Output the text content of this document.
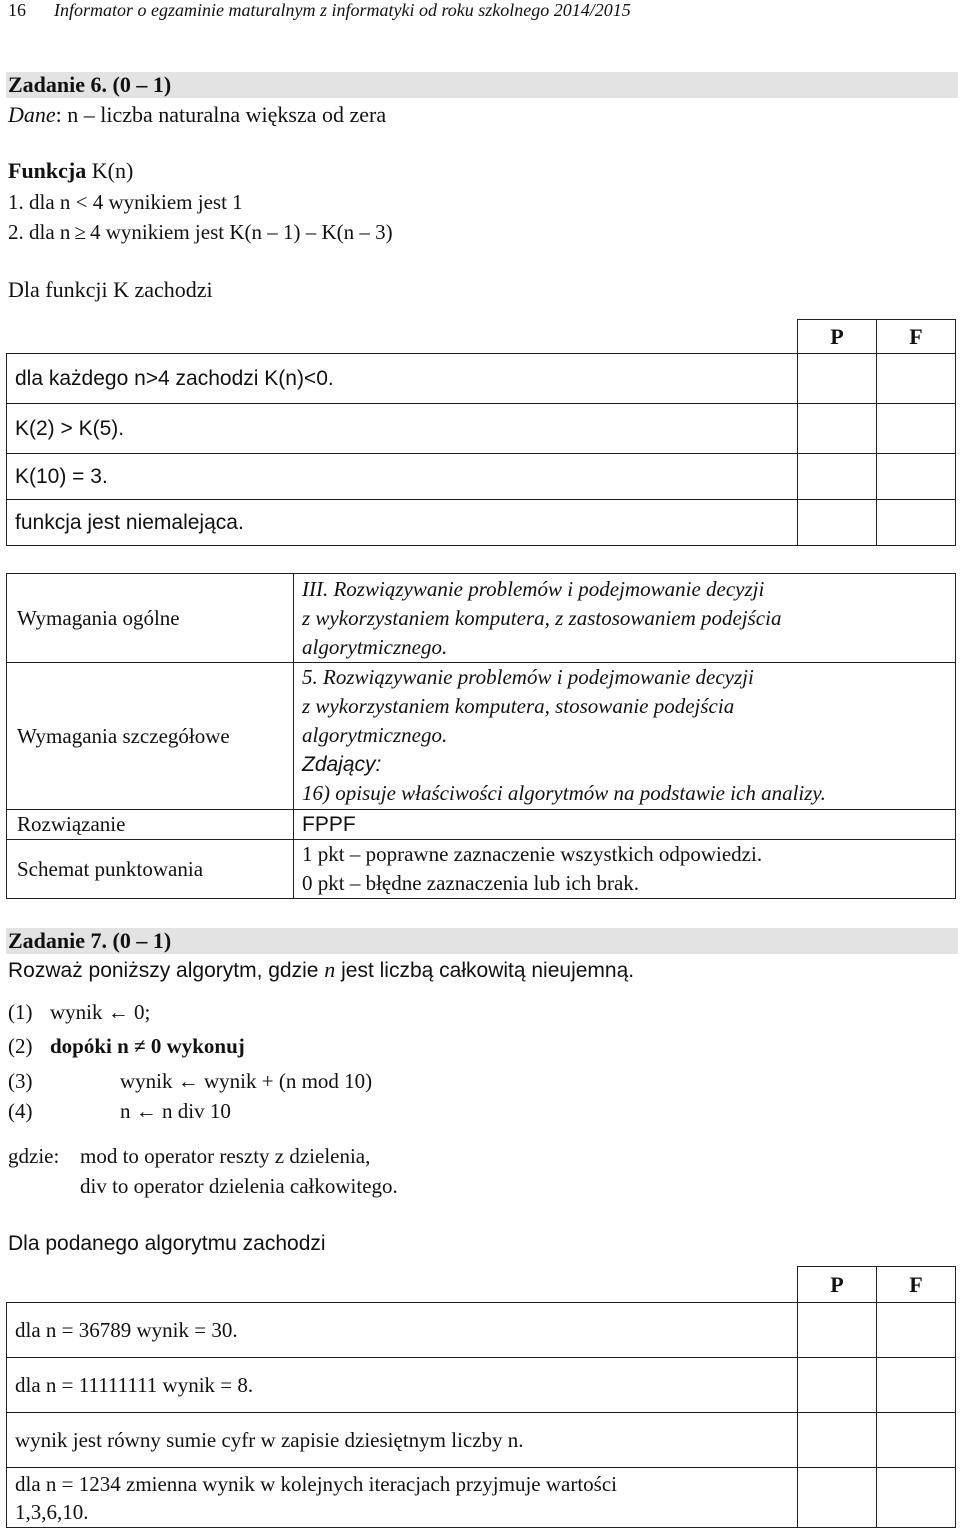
16 Informator o egzaminie maturalnym z informatyki od roku szkolnego 2014/2015
Zadanie 6. (0 – 1)
Dane: n – liczba naturalna większa od zera
Funkcja K(n)
1. dla n < 4 wynikiem jest 1
2. dla n ≥ 4 wynikiem jest K(n – 1) – K(n – 3)
Dla funkcji K zachodzi
	P	F
dla każdego n>4 zachodzi K(n)<0.		
K(2) > K(5).		
K(10) = 3.		
funkcja jest niemalejąca.		
Wymagania ogólne	III. Rozwiązywanie problemów i podejmowanie decyzji
z wykorzystaniem komputera, z zastosowaniem podejścia
algorytmicznego.

Wymagania szczegółowe	5. Rozwiązywanie problemów i podejmowanie decyzji
z wykorzystaniem komputera, stosowanie podejścia
algorytmicznego.
Zdający:
16) opisuje właściwości algorytmów na podstawie ich analizy.

Rozwiązanie	FPPF

Schemat punktowania	1 pkt – poprawne zaznaczenie wszystkich odpowiedzi.
0 pkt – błędne zaznaczenia lub ich brak.
Zadanie 7. (0 – 1)
Rozważ poniższy algorytm, gdzie n jest liczbą całkowitą nieujemną.
(1) wynik ← 0;
(2) dopóki n ≠ 0 wykonuj
(3)	wynik ← wynik + (n mod 10)
(4)	n ← n div 10
gdzie: mod to operator reszty z dzielenia,
div to operator dzielenia całkowitego.
Dla podanego algorytmu zachodzi
	P	F
dla n = 36789 wynik = 30.		
dla n = 11111111 wynik = 8.		
wynik jest równy sumie cyfr w zapisie dziesiętnym liczby n.		

dla n = 1234 zmienna wynik w kolejnych iteracjach przyjmuje wartości
1,3,6,10.		
